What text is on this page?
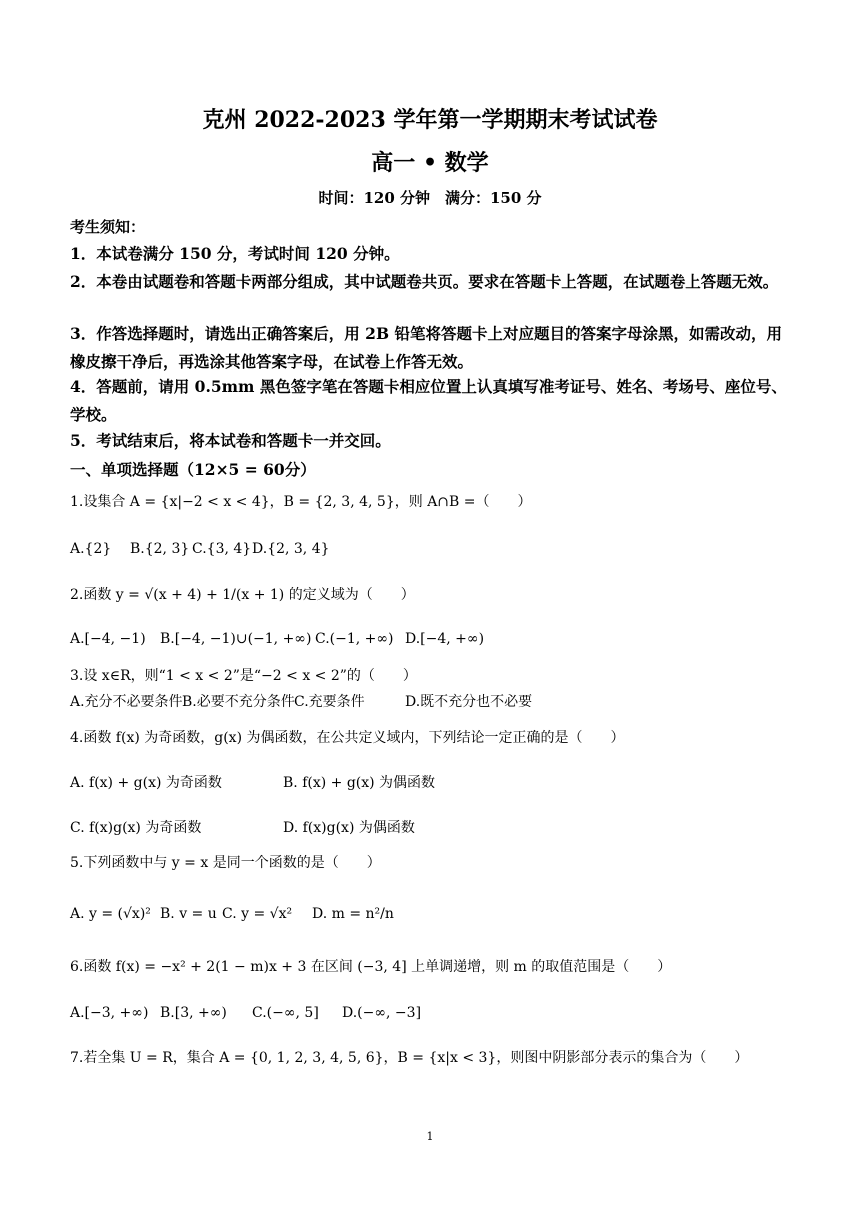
克州 2022-2023 学年第一学期期末考试试卷
高一 • 数学
时间：120 分钟　满分：150 分
考生须知：
1．本试卷满分 150 分，考试时间 120 分钟。
2．本卷由试题卷和答题卡两部分组成，其中试题卷共页。要求在答题卡上答题，在试题卷上答题无效。
3．作答选择题时，请选出正确答案后，用 2B 铅笔将答题卡上对应题目的答案字母涂黑，如需改动，用橡皮擦干净后，再选涂其他答案字母，在试卷上作答无效。
4．答题前，请用 0.5mm 黑色签字笔在答题卡相应位置上认真填写准考证号、姓名、考场号、座位号、学校。
5．考试结束后，将本试卷和答题卡一并交回。
一、单项选择题（12×5 = 60分）
1.设集合 A = {x|−2 < x < 4}，B = {2, 3, 4, 5}，则 A∩B =（　　）
A.{2} B.{2, 3} C.{3, 4} D.{2, 3, 4}
2.函数 y = √(x + 4) + 1/(x + 1) 的定义域为（　　）
A.[−4, −1) B.[−4, −1)∪(−1, +∞) C.(−1, +∞) D.[−4, +∞)
3.设 x∈R，则“1 < x < 2”是“−2 < x < 2”的（　　）
A.充分不必要条件 B.必要不充分条件 C.充要条件	D.既不充分也不必要
4.函数 f(x) 为奇函数，g(x) 为偶函数，在公共定义域内，下列结论一定正确的是（　　）
A. f(x) + g(x) 为奇函数	B. f(x) + g(x) 为偶函数
C. f(x)g(x) 为奇函数	D. f(x)g(x) 为偶函数
5.下列函数中与 y = x 是同一个函数的是（　　）
A. y = (√x)² B. v = u C. y = √x² D. m = n²/n
6.函数 f(x) = −x² + 2(1 − m)x + 3 在区间 (−3, 4] 上单调递增，则 m 的取值范围是（　　）
A.[−3, +∞) B.[3, +∞) C.(−∞, 5] D.(−∞, −3]
7.若全集 U = R，集合 A = {0, 1, 2, 3, 4, 5, 6}，B = {x|x < 3}，则图中阴影部分表示的集合为（　　）
1
